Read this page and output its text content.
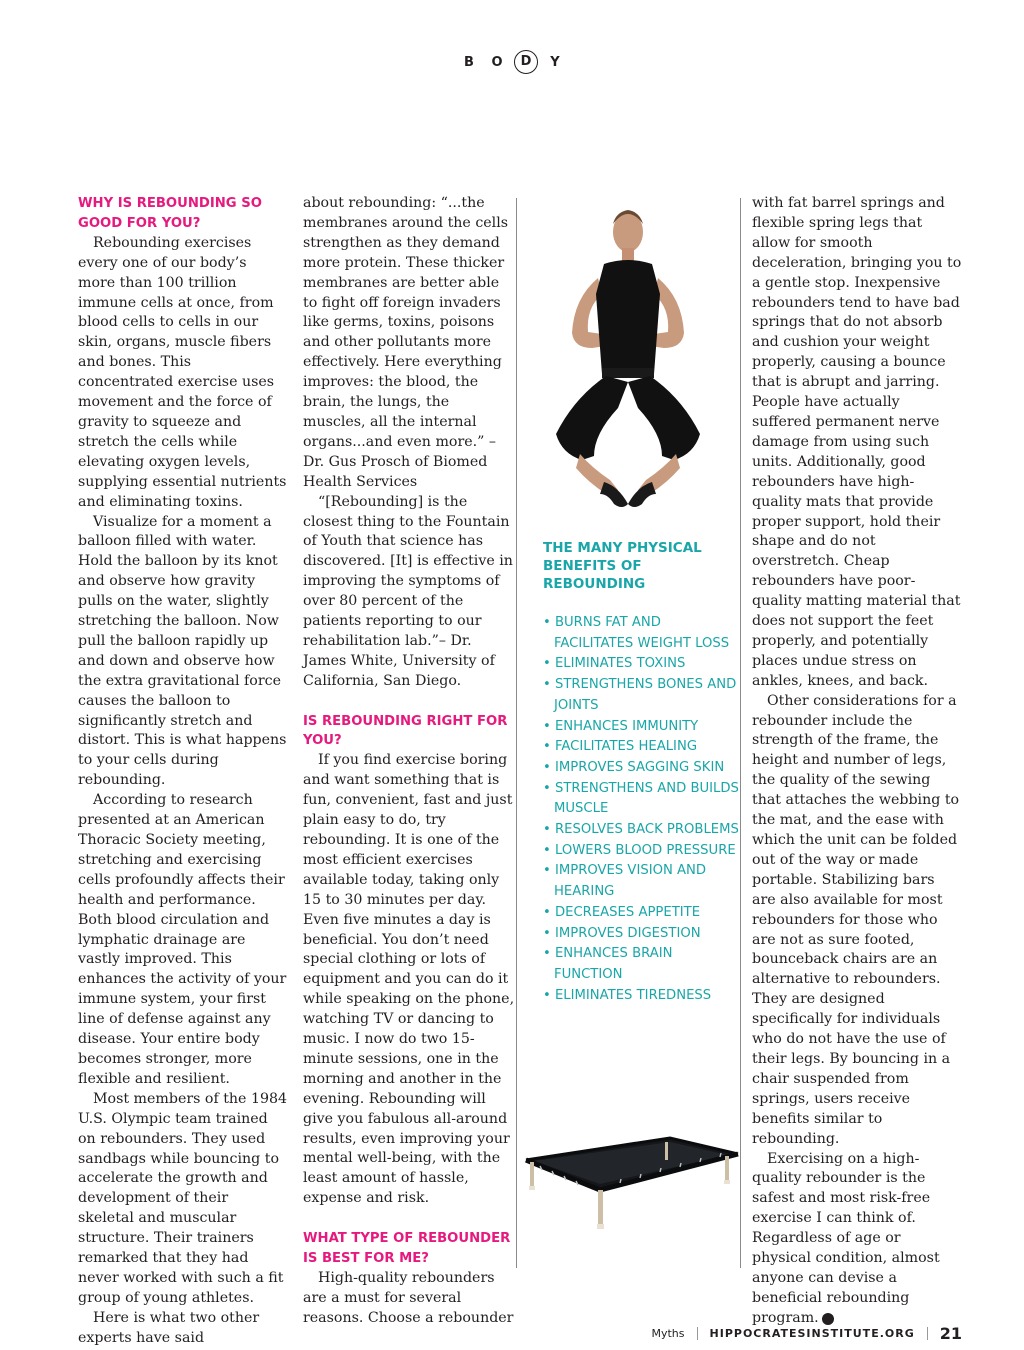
B	O	D	Y

WHY IS REBOUNDING SO GOOD FOR YOU?

Rebounding exercises every one of our body’s more than 100 trillion immune cells at once, from blood cells to cells in our skin, organs, muscle fibers and bones. This concentrated exercise uses movement and the force of gravity to squeeze and stretch the cells while elevating oxygen levels, supplying essential nutrients and eliminating toxins.

Visualize for a moment a balloon filled with water. Hold the balloon by its knot and observe how gravity pulls on the water, slightly stretching the balloon. Now pull the balloon rapidly up and down and observe how the extra gravitational force causes the balloon to significantly stretch and distort. This is what happens to your cells during rebounding.

According to research presented at an American Thoracic Society meeting, stretching and exercising cells profoundly affects their health and performance. Both blood circulation and lymphatic drainage are vastly improved. This enhances the activity of your immune system, your first line of defense against any disease. Your entire body becomes stronger, more flexible and resilient.

Most members of the 1984 U.S. Olympic team trained on rebounders. They used sandbags while bouncing to accelerate the growth and development of their skeletal and muscular structure. Their trainers remarked that they had never worked with such a fit group of young athletes.

Here is what two other experts have said

about rebounding: “...the membranes around the cells strengthen as they demand more protein. These thicker membranes are better able to fight off foreign invaders like germs, toxins, poisons and other pollutants more effectively. Here everything improves: the blood, the brain, the lungs, the muscles, all the internal organs...and even more.” –Dr. Gus Prosch of Biomed Health Services

“[Rebounding] is the closest thing to the Fountain of Youth that science has discovered. [It] is effective in improving the symptoms of over 80 percent of the patients reporting to our rehabilitation lab.”– Dr. James White, University of California, San Diego.

IS REBOUNDING RIGHT FOR YOU?

If you find exercise boring and want something that is fun, convenient, fast and just plain easy to do, try rebounding. It is one of the most efficient exercises available today, taking only 15 to 30 minutes per day. Even five minutes a day is beneficial. You don’t need special clothing or lots of equipment and you can do it while speaking on the phone, watching TV or dancing to music. I now do two 15-minute sessions, one in the morning and another in the evening. Rebounding will give you fabulous all-around results, even improving your mental well-being, with the least amount of hassle, expense and risk.

WHAT TYPE OF REBOUNDER IS BEST FOR ME?

High-quality rebounders are a must for several reasons. Choose a rebounder

THE MANY PHYSICAL BENEFITS OF REBOUNDING
• BURNS FAT AND FACILITATES WEIGHT LOSS
• ELIMINATES TOXINS
• STRENGTHENS BONES AND JOINTS
• ENHANCES IMMUNITY
• FACILITATES HEALING
• IMPROVES SAGGING SKIN
• STRENGTHENS AND BUILDS MUSCLE
• RESOLVES BACK PROBLEMS
• LOWERS BLOOD PRESSURE
• IMPROVES VISION AND HEARING
• DECREASES APPETITE
• IMPROVES DIGESTION
• ENHANCES BRAIN FUNCTION
• ELIMINATES TIREDNESS

with fat barrel springs and flexible spring legs that allow for smooth deceleration, bringing you to a gentle stop. Inexpensive rebounders tend to have bad springs that do not absorb and cushion your weight properly, causing a bounce that is abrupt and jarring. People have actually suffered permanent nerve damage from using such units. Additionally, good rebounders have high-quality mats that provide proper support, hold their shape and do not overstretch. Cheap rebounders have poor-quality matting material that does not support the feet properly, and potentially places undue stress on ankles, knees, and back.

Other considerations for a rebounder include the strength of the frame, the height and number of legs, the quality of the sewing that attaches the webbing to the mat, and the ease with which the unit can be folded out of the way or made portable. Stabilizing bars are also available for most rebounders for those who are not as sure footed, bounceback chairs are an alternative to rebounders. They are designed specifically for individuals who do not have the use of their legs. By bouncing in a chair suspended from springs, users receive benefits similar to rebounding.

Exercising on a high-quality rebounder is the safest and most risk-free exercise I can think of. Regardless of age or physical condition, almost anyone can devise a beneficial rebounding program. H

Myths HIPPOCRATESINSTITUTE.ORG 21
